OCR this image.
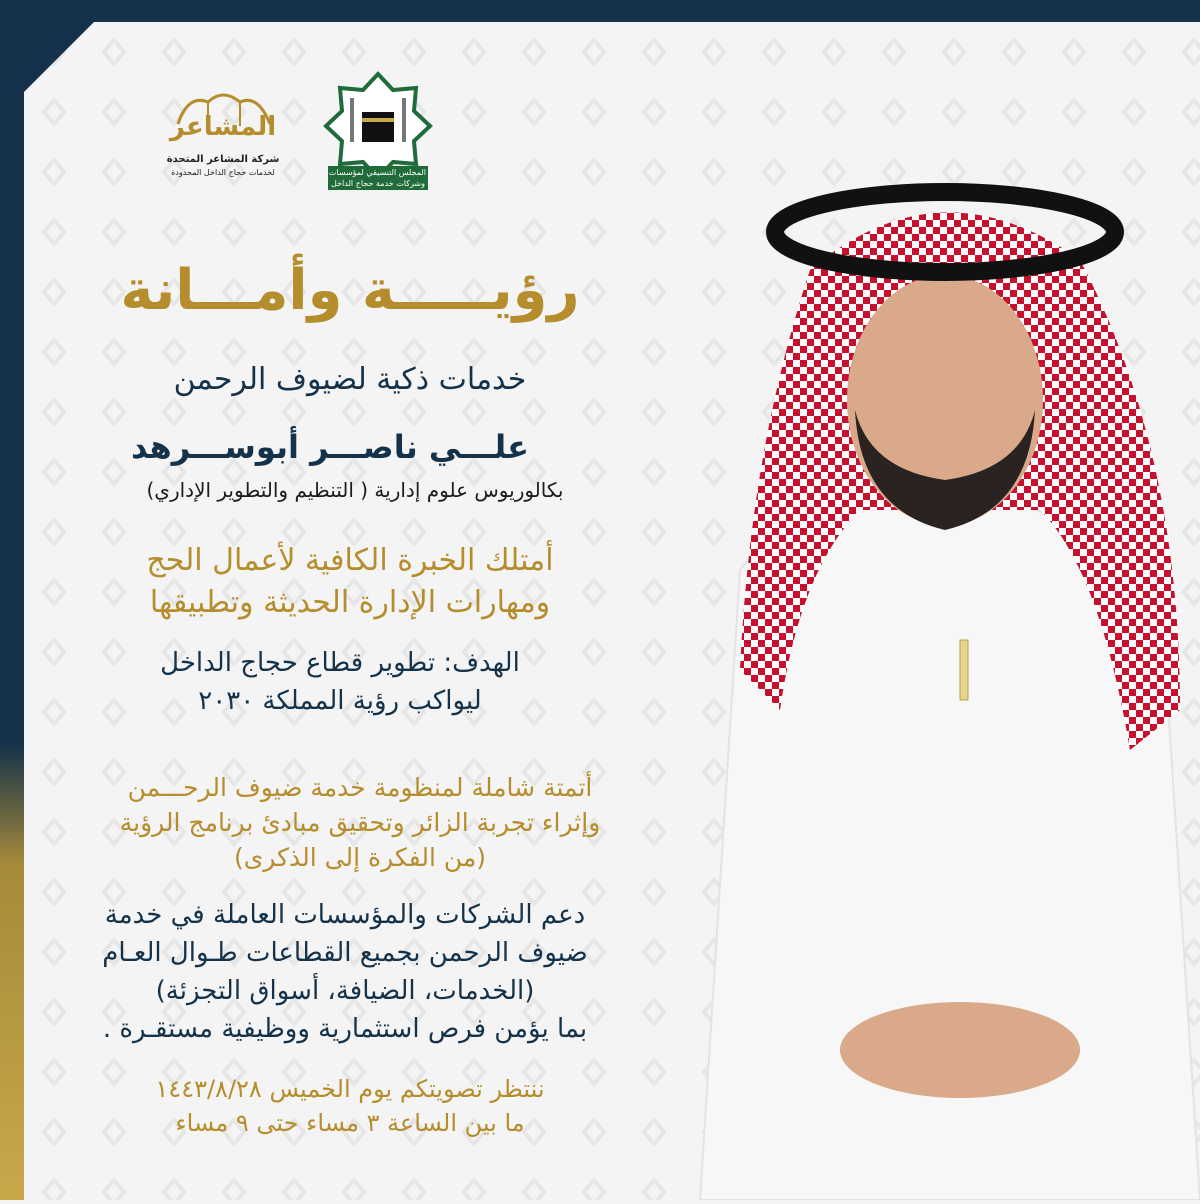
المجلس التنسيقي لمؤسسات
وشركات خدمة حجاج الداخل
المشاعر
شركة المشاعر المتحدة
لخدمات حجاج الداخل المحدودة
رؤيـــــة وأمـــانة
خدمات ذكية لضيوف الرحمن
علـــي ناصـــر أبوســـرهد
بكالوريوس علوم إدارية ( التنظيم والتطوير الإداري)
أمتلك الخبرة الكافية لأعمال الحج
ومهارات الإدارة الحديثة وتطبيقها
الهدف: تطوير قطاع حجاج الداخل
ليواكب رؤية المملكة ٢٠٣٠
أتمتة شاملة لمنظومة خدمة ضيوف الرحـــمن
وإثراء تجربة الزائر وتحقيق مبادئ برنامج الرؤية
(من الفكرة إلى الذكرى)
دعم الشركات والمؤسسات العاملة في خدمة
ضيوف الرحمن بجميع القطاعات طـوال العـام
(الخدمات، الضيافة، أسواق التجزئة)
بما يؤمن فرص استثمارية ووظيفية مستقـرة .
ننتظر تصويتكم يوم الخميس ١٤٤٣/٨/٢٨
ما بين الساعة ٣ مساء حتى ٩ مساء
